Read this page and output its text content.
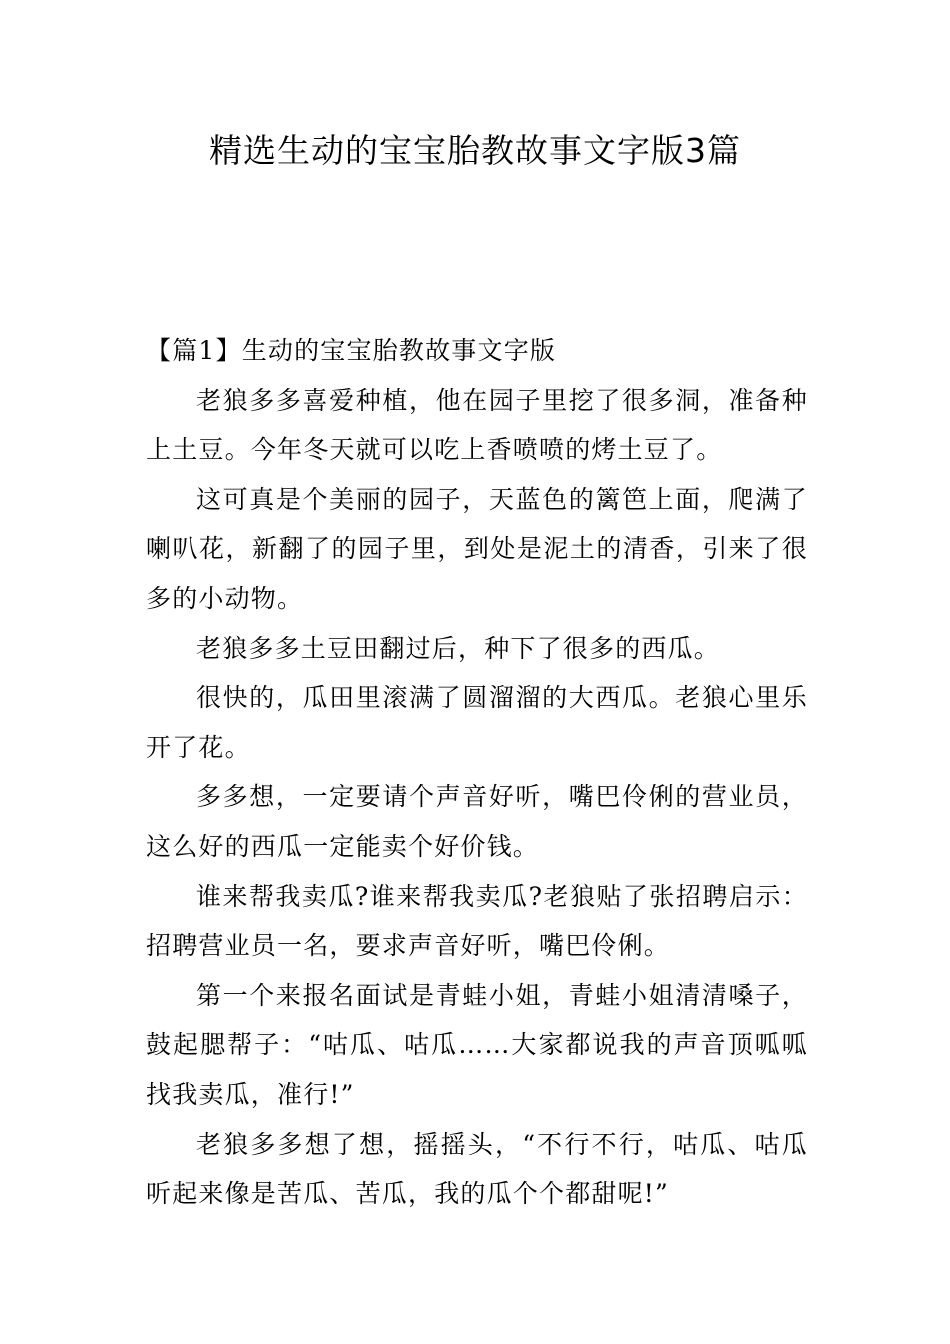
精选生动的宝宝胎教故事文字版3篇

【篇1】生动的宝宝胎教故事文字版

老狼多多喜爱种植，他在园子里挖了很多洞，准备种上土豆。今年冬天就可以吃上香喷喷的烤土豆了。

这可真是个美丽的园子，天蓝色的篱笆上面，爬满了喇叭花，新翻了的园子里，到处是泥土的清香，引来了很多的小动物。

老狼多多土豆田翻过后，种下了很多的西瓜。

很快的，瓜田里滚满了圆溜溜的大西瓜。老狼心里乐开了花。

多多想，一定要请个声音好听，嘴巴伶俐的营业员，这么好的西瓜一定能卖个好价钱。

谁来帮我卖瓜?谁来帮我卖瓜?老狼贴了张招聘启示：招聘营业员一名，要求声音好听，嘴巴伶俐。

第一个来报名面试是青蛙小姐，青蛙小姐清清嗓子，鼓起腮帮子：“咕瓜、咕瓜……大家都说我的声音顶呱呱找我卖瓜，准行!”

老狼多多想了想，摇摇头，“不行不行，咕瓜、咕瓜听起来像是苦瓜、苦瓜，我的瓜个个都甜呢!”
